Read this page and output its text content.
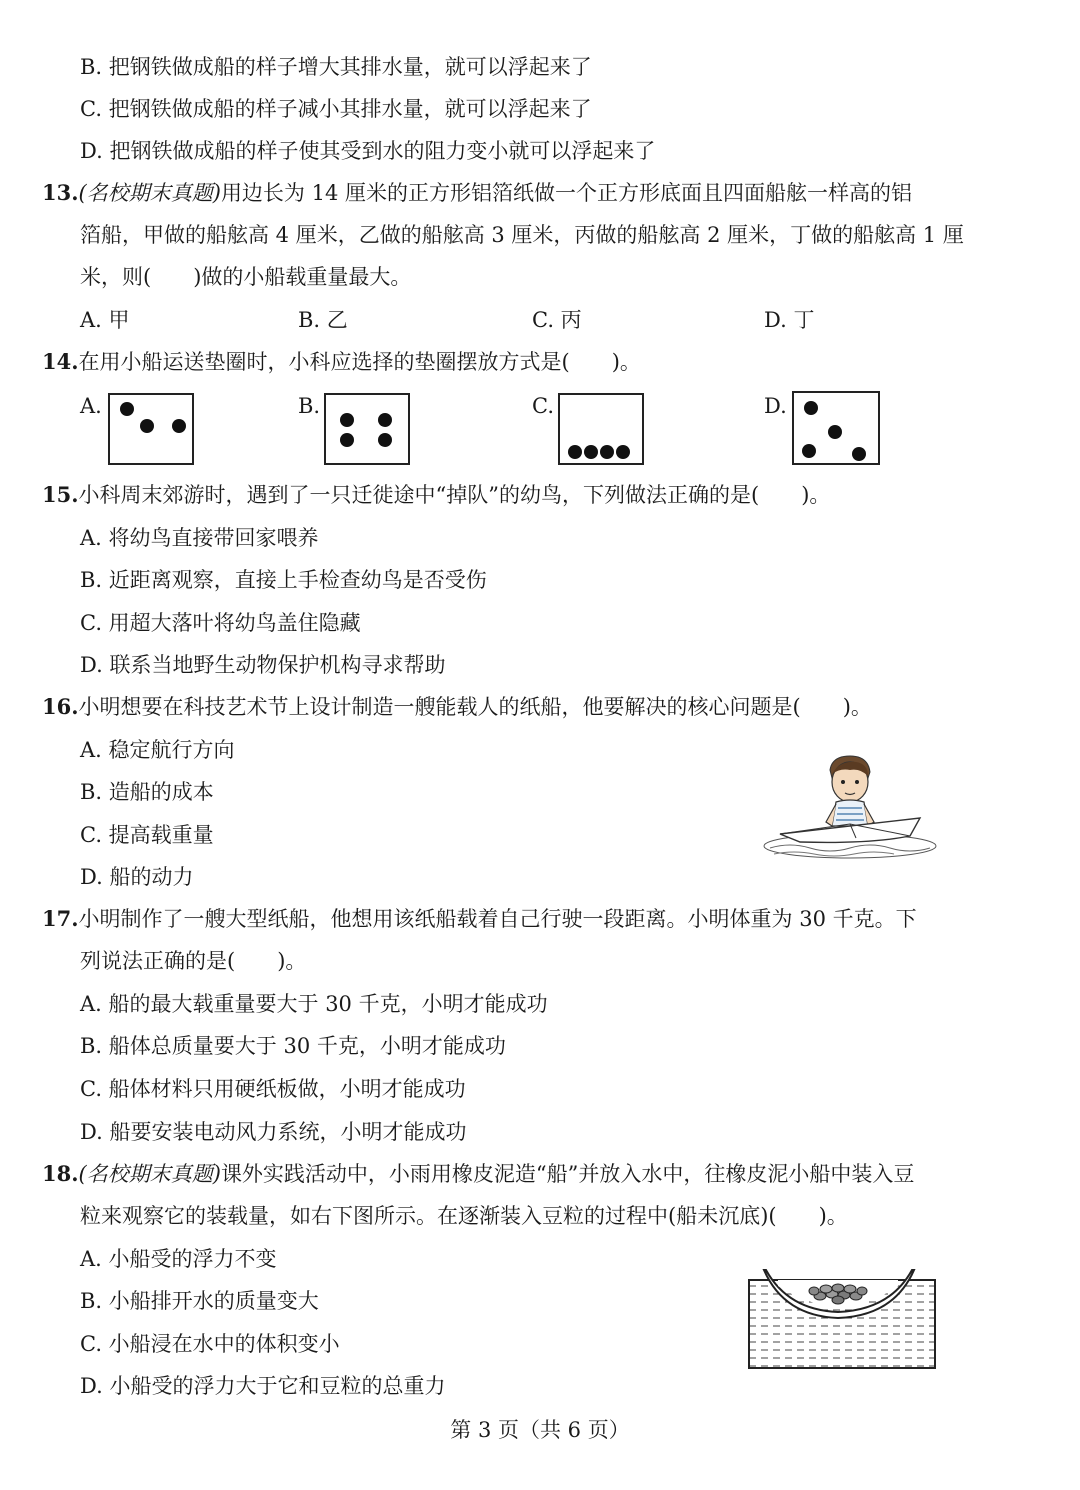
B. 把钢铁做成船的样子增大其排水量，就可以浮起来了
C. 把钢铁做成船的样子减小其排水量，就可以浮起来了
D. 把钢铁做成船的样子使其受到水的阻力变小就可以浮起来了
13.(名校期末真题)用边长为 14 厘米的正方形铝箔纸做一个正方形底面且四面船舷一样高的铝
箔船，甲做的船舷高 4 厘米，乙做的船舷高 3 厘米，丙做的船舷高 2 厘米，丁做的船舷高 1 厘
米，则(　　)做的小船载重量最大。
A. 甲	B. 乙	C. 丙	D. 丁
14.在用小船运送垫圈时，小科应选择的垫圈摆放方式是(　　)。
A.	B.	C.	D.
15.小科周末郊游时，遇到了一只迁徙途中“掉队”的幼鸟，下列做法正确的是(　　)。
A. 将幼鸟直接带回家喂养
B. 近距离观察，直接上手检查幼鸟是否受伤
C. 用超大落叶将幼鸟盖住隐藏
D. 联系当地野生动物保护机构寻求帮助
16.小明想要在科技艺术节上设计制造一艘能载人的纸船，他要解决的核心问题是(　　)。
A. 稳定航行方向
B. 造船的成本
C. 提高载重量
D. 船的动力
17.小明制作了一艘大型纸船，他想用该纸船载着自己行驶一段距离。小明体重为 30 千克。下
列说法正确的是(　　)。
A. 船的最大载重量要大于 30 千克，小明才能成功
B. 船体总质量要大于 30 千克，小明才能成功
C. 船体材料只用硬纸板做，小明才能成功
D. 船要安装电动风力系统，小明才能成功
18.(名校期末真题)课外实践活动中，小雨用橡皮泥造“船”并放入水中，往橡皮泥小船中装入豆
粒来观察它的装载量，如右下图所示。在逐渐装入豆粒的过程中(船未沉底)(　　)。
A. 小船受的浮力不变
B. 小船排开水的质量变大
C. 小船浸在水中的体积变小
D. 小船受的浮力大于它和豆粒的总重力
第 3 页（共 6 页）
